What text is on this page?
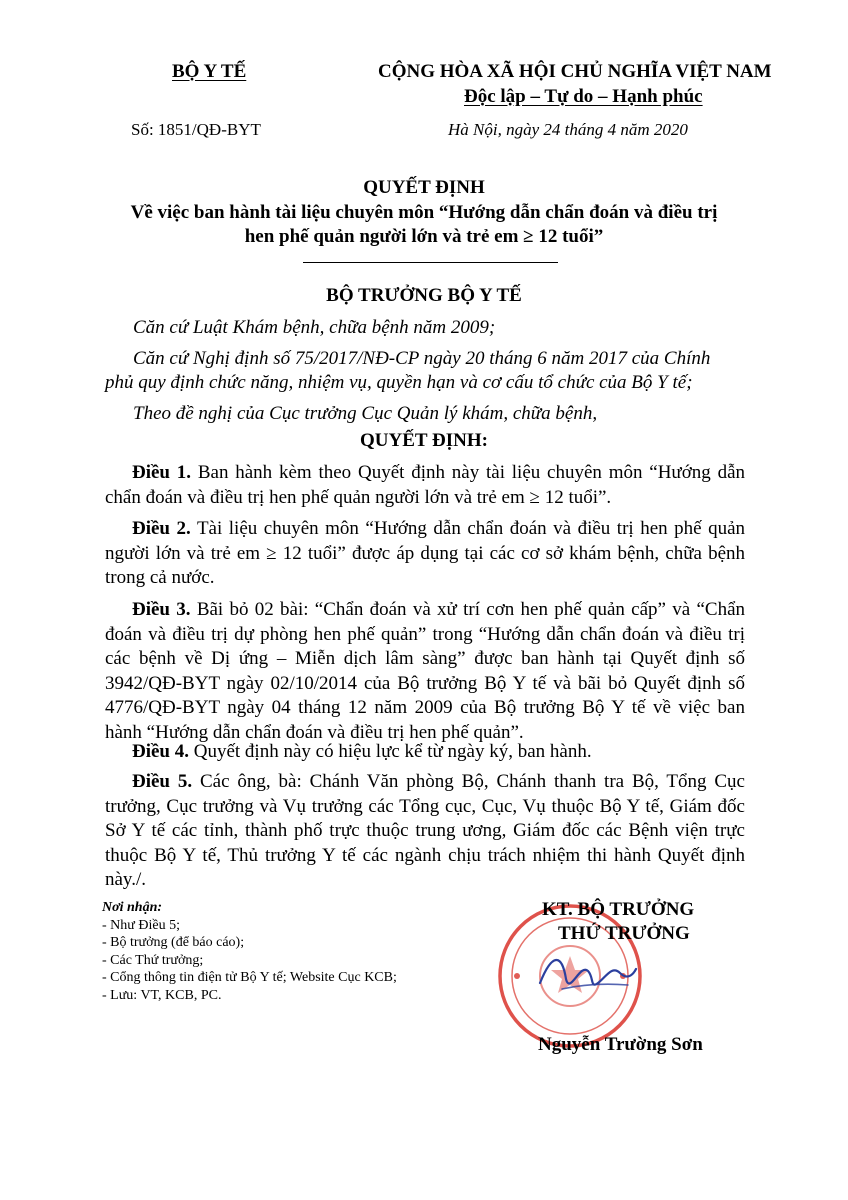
BỘ Y TẾ
Số: 1851/QĐ-BYT
CỘNG HÒA XÃ HỘI CHỦ NGHĨA VIỆT NAM
Độc lập – Tự do – Hạnh phúc
Hà Nội, ngày 24 tháng 4 năm 2020
QUYẾT ĐỊNH
Về việc ban hành tài liệu chuyên môn “Hướng dẫn chẩn đoán và điều trị
hen phế quản người lớn và trẻ em ≥ 12 tuổi”
BỘ TRƯỞNG BỘ Y TẾ
Căn cứ Luật Khám bệnh, chữa bệnh năm 2009;
Căn cứ Nghị định số 75/2017/NĐ-CP ngày 20 tháng 6 năm 2017 của Chính
phủ quy định chức năng, nhiệm vụ, quyền hạn và cơ cấu tổ chức của Bộ Y tế;
Theo đề nghị của Cục trưởng Cục Quản lý khám, chữa bệnh,
QUYẾT ĐỊNH:
Điều 1. Ban hành kèm theo Quyết định này tài liệu chuyên môn “Hướng dẫn chẩn đoán và điều trị hen phế quản người lớn và trẻ em ≥ 12 tuổi”.
Điều 2. Tài liệu chuyên môn “Hướng dẫn chẩn đoán và điều trị hen phế quản người lớn và trẻ em ≥ 12 tuổi” được áp dụng tại các cơ sở khám bệnh, chữa bệnh trong cả nước.
Điều 3. Bãi bỏ 02 bài: “Chẩn đoán và xử trí cơn hen phế quản cấp” và “Chẩn đoán và điều trị dự phòng hen phế quản” trong “Hướng dẫn chẩn đoán và điều trị các bệnh về Dị ứng – Miễn dịch lâm sàng” được ban hành tại Quyết định số 3942/QĐ-BYT ngày 02/10/2014 của Bộ trưởng Bộ Y tế và bãi bỏ Quyết định số 4776/QĐ-BYT ngày 04 tháng 12 năm 2009 của Bộ trưởng Bộ Y tế về việc ban hành “Hướng dẫn chẩn đoán và điều trị hen phế quản”.
Điều 4. Quyết định này có hiệu lực kể từ ngày ký, ban hành.
Điều 5. Các ông, bà: Chánh Văn phòng Bộ, Chánh thanh tra Bộ, Tổng Cục trưởng, Cục trưởng và Vụ trưởng các Tổng cục, Cục, Vụ thuộc Bộ Y tế, Giám đốc Sở Y tế các tỉnh, thành phố trực thuộc trung ương, Giám đốc các Bệnh viện trực thuộc Bộ Y tế, Thủ trưởng Y tế các ngành chịu trách nhiệm thi hành Quyết định này./.
Nơi nhận:
- Như Điều 5;
- Bộ trưởng (để báo cáo);
- Các Thứ trưởng;
- Cổng thông tin điện tử Bộ Y tế; Website Cục KCB;
- Lưu: VT, KCB, PC.
KT. BỘ TRƯỞNG
THỨ TRƯỞNG
Nguyễn Trường Sơn
